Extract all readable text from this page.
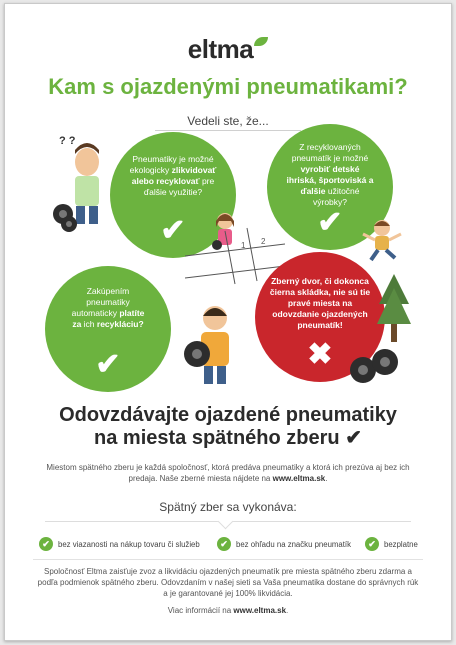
eltma
Kam s ojazdenými pneumatikami?
Vedeli ste, že...
? ?
Pneumatiky je možné ekologicky zlikvidovať alebo recyklovať pre ďalšie využitie?
✔
Z recyklovaných pneumatík je možné vyrobiť detské ihriská, športoviská a ďalšie užitočné výrobky?
✔
1 2
Zakúpením pneumatiky automaticky platíte za ich recykláciu?
✔
Zberný dvor, či dokonca čierna skládka, nie sú tie pravé miesta na odovzdanie ojazdených pneumatík!
✖
Odovzdávajte ojazdené pneumatiky
na miesta spätného zberu ✔
Miestom spätného zberu je každá spoločnosť, ktorá predáva pneumatiky a ktorá ich prezúva aj bez ich predaja. Naše zberné miesta nájdete na www.eltma.sk.
Spätný zber sa vykonáva:
✔	bez viazanosti na nákup tovaru či služieb	✔	bez ohľadu na značku pneumatík	✔	bezplatne
Spoločnosť Eltma zaisťuje zvoz a likvidáciu ojazdených pneumatík pre miesta spätného zberu zdarma a podľa podmienok spätného zberu. Odovzdaním v našej sieti sa Vaša pneumatika dostane do správnych rúk a je garantované jej 100% likvidácia.
Viac informácií na www.eltma.sk.
